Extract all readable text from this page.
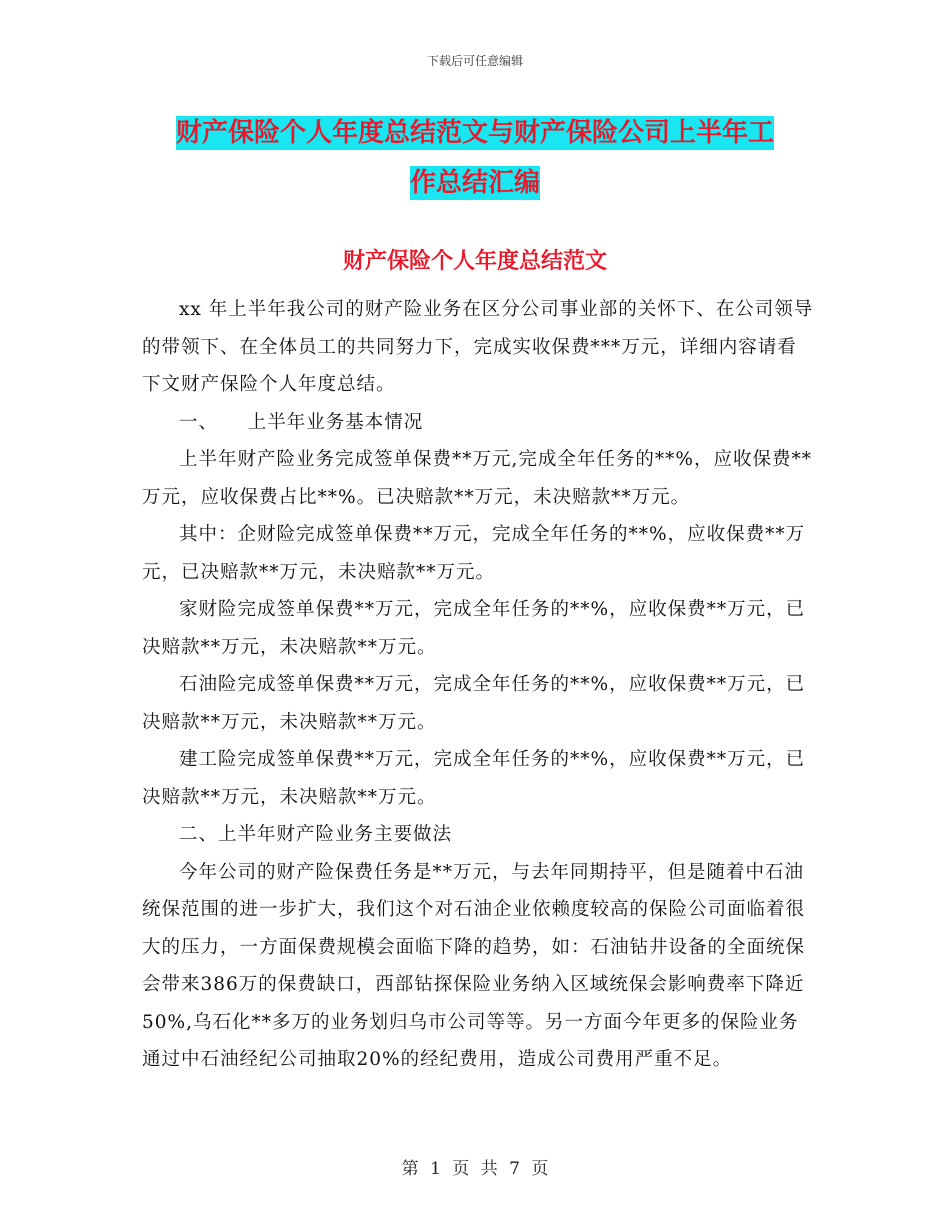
下载后可任意编辑
财产保险个人年度总结范文与财产保险公司上半年工
作总结汇编
财产保险个人年度总结范文

xx 年上半年我公司的财产险业务在区分公司事业部的关怀下、在公司领导的带领下、在全体员工的共同努力下，完成实收保费***万元，详细内容请看下文财产保险个人年度总结。

一、　　上半年业务基本情况

上半年财产险业务完成签单保费**万元,完成全年任务的**%，应收保费**万元，应收保费占比**%。已决赔款**万元，未决赔款**万元。

其中：企财险完成签单保费**万元，完成全年任务的**%，应收保费**万元，已决赔款**万元，未决赔款**万元。

家财险完成签单保费**万元，完成全年任务的**%，应收保费**万元，已决赔款**万元，未决赔款**万元。

石油险完成签单保费**万元，完成全年任务的**%，应收保费**万元，已决赔款**万元，未决赔款**万元。

建工险完成签单保费**万元，完成全年任务的**%，应收保费**万元，已决赔款**万元，未决赔款**万元。

二、上半年财产险业务主要做法

今年公司的财产险保费任务是**万元，与去年同期持平，但是随着中石油统保范围的进一步扩大，我们这个对石油企业依赖度较高的保险公司面临着很大的压力，一方面保费规模会面临下降的趋势，如：石油钻井设备的全面统保会带来386万的保费缺口，西部钻探保险业务纳入区域统保会影响费率下降近50%,乌石化**多万的业务划归乌市公司等等。另一方面今年更多的保险业务通过中石油经纪公司抽取20%的经纪费用，造成公司费用严重不足。

第 1 页 共 7 页
